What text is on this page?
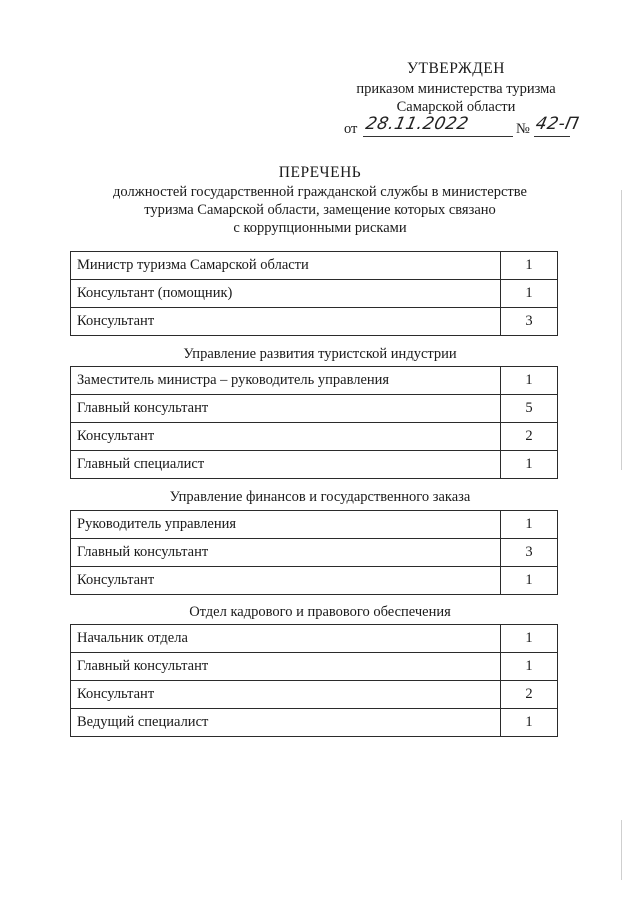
УТВЕРЖДЕН
приказом министерства туризма
Самарской области
от 28.11.2022	№ 42-П
ПЕРЕЧЕНЬ
должностей государственной гражданской службы в министерстве
туризма Самарской области, замещение которых связано
с коррупционными рисками
Министр туризма Самарской области	1
Консультант (помощник)	1
Консультант	3
Управление развития туристской индустрии
Заместитель министра – руководитель управления	1
Главный консультант	5
Консультант	2
Главный специалист	1
Управление финансов и государственного заказа
Руководитель управления	1
Главный консультант	3
Консультант	1
Отдел кадрового и правового обеспечения
Начальник отдела	1
Главный консультант	1
Консультант	2
Ведущий специалист	1
